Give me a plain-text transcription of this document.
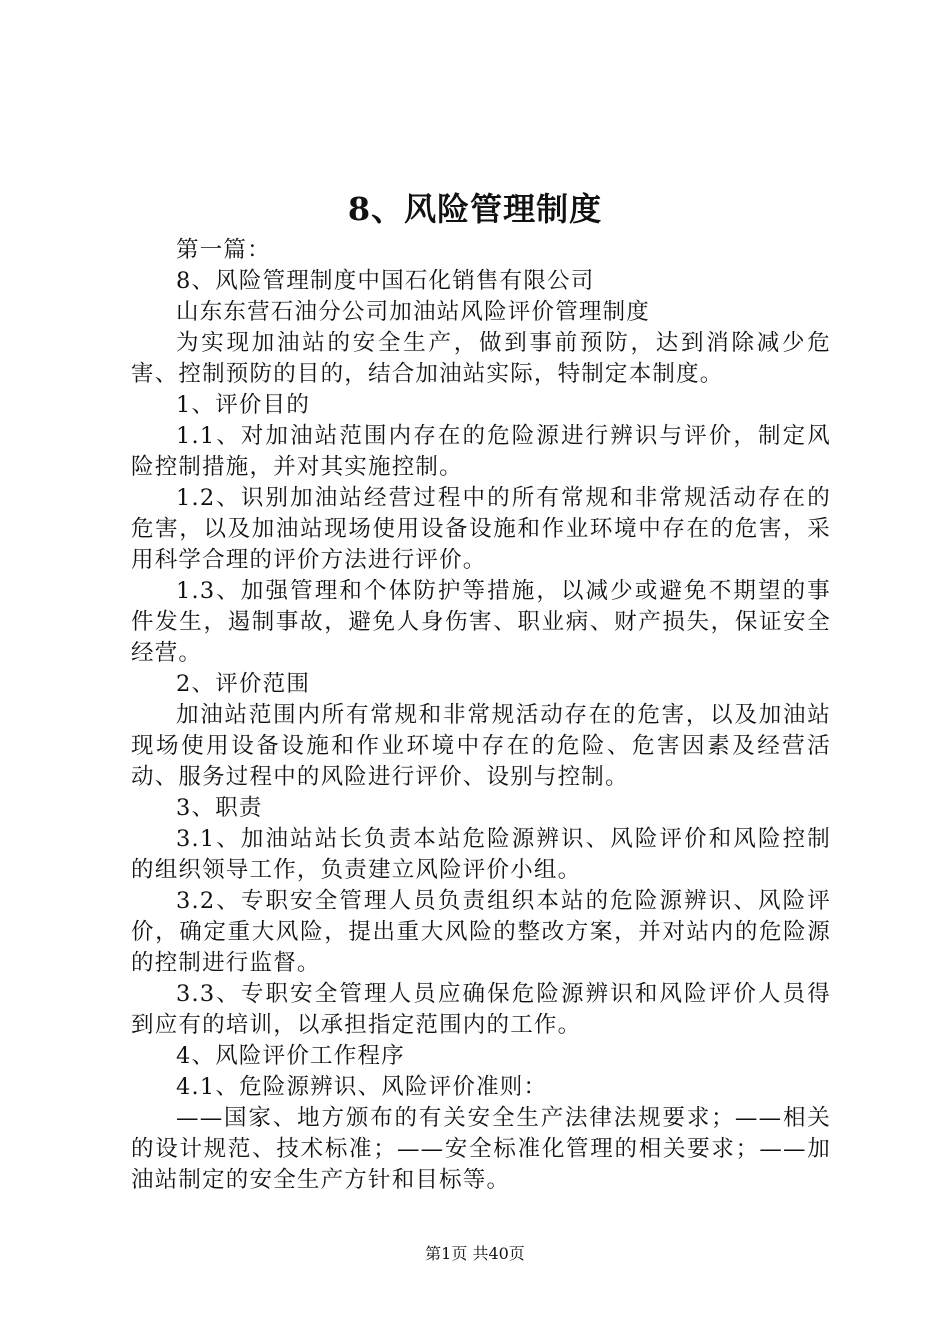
8、风险管理制度

第一篇：

8、风险管理制度中国石化销售有限公司

山东东营石油分公司加油站风险评价管理制度

为实现加油站的安全生产，做到事前预防，达到消除减少危害、控制预防的目的，结合加油站实际，特制定本制度。

1、评价目的

1.1、对加油站范围内存在的危险源进行辨识与评价，制定风险控制措施，并对其实施控制。

1.2、识别加油站经营过程中的所有常规和非常规活动存在的危害，以及加油站现场使用设备设施和作业环境中存在的危害，采用科学合理的评价方法进行评价。

1.3、加强管理和个体防护等措施，以减少或避免不期望的事件发生，遏制事故，避免人身伤害、职业病、财产损失，保证安全经营。

2、评价范围

加油站范围内所有常规和非常规活动存在的危害，以及加油站现场使用设备设施和作业环境中存在的危险、危害因素及经营活动、服务过程中的风险进行评价、设别与控制。

3、职责

3.1、加油站站长负责本站危险源辨识、风险评价和风险控制的组织领导工作，负责建立风险评价小组。

3.2、专职安全管理人员负责组织本站的危险源辨识、风险评价，确定重大风险，提出重大风险的整改方案，并对站内的危险源的控制进行监督。

3.3、专职安全管理人员应确保危险源辨识和风险评价人员得到应有的培训，以承担指定范围内的工作。

4、风险评价工作程序

4.1、危险源辨识、风险评价准则：

——国家、地方颁布的有关安全生产法律法规要求；——相关的设计规范、技术标准；——安全标准化管理的相关要求；——加油站制定的安全生产方针和目标等。

第1页 共40页
